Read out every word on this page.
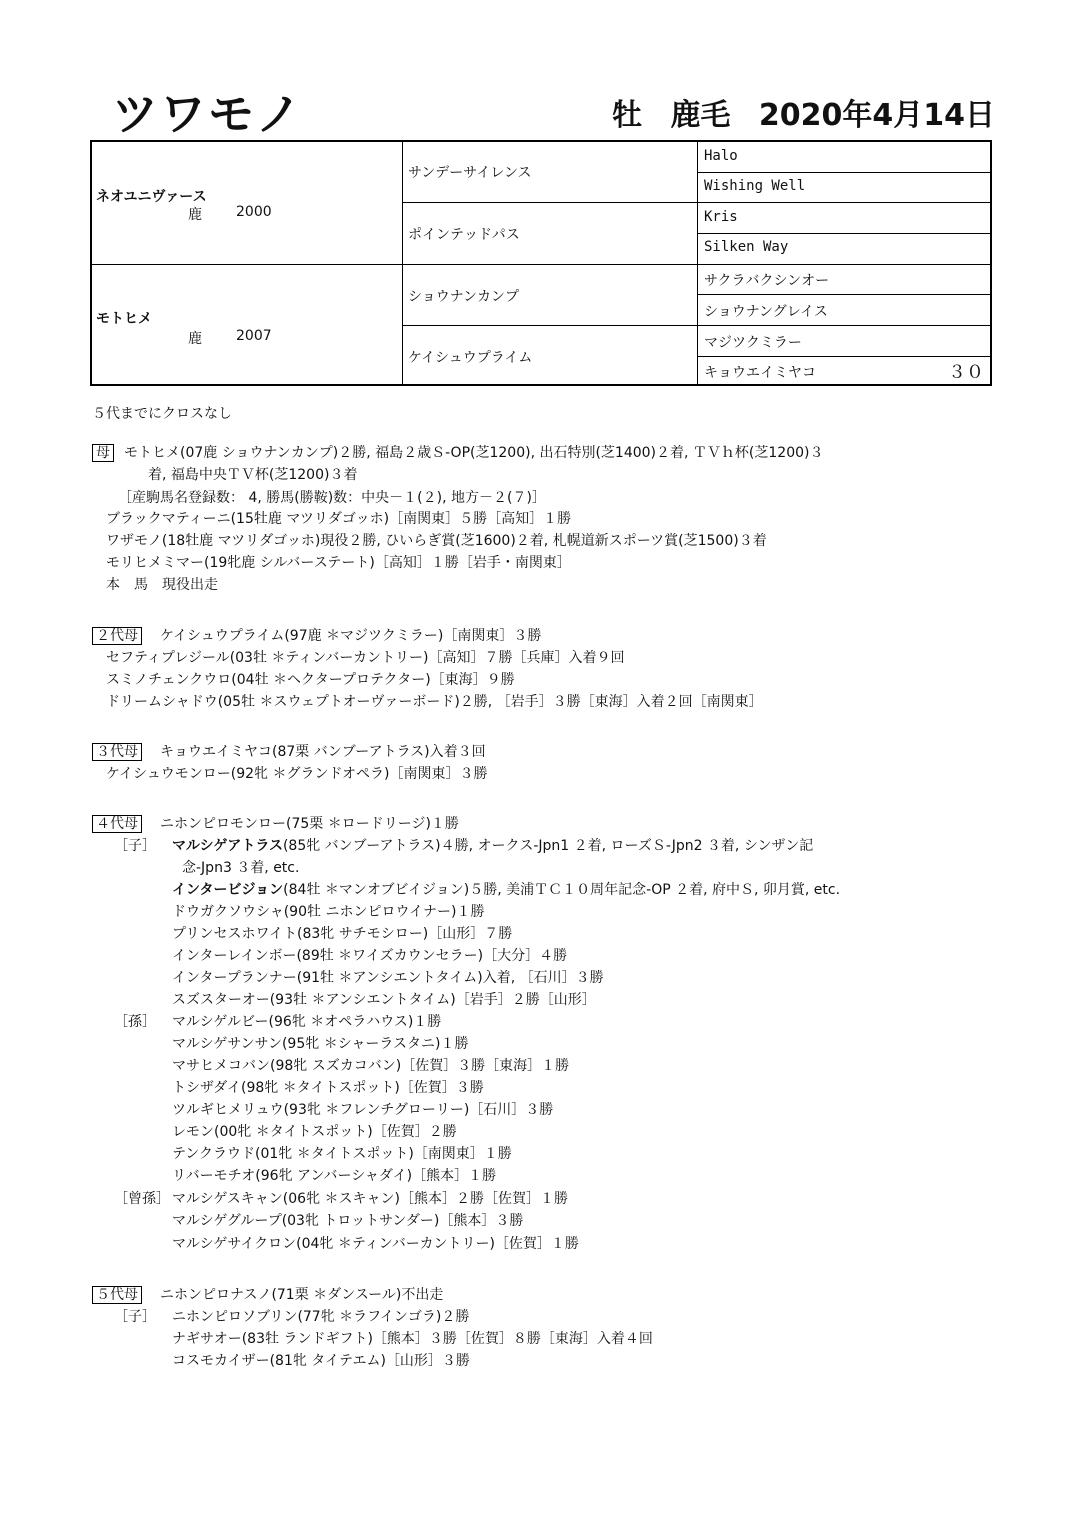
ツワモノ	牡 鹿毛 2020年4月14日
ネオユニヴァース
鹿 2000
モトヒメ
鹿 2007
サンデーサイレンス
ポインテッドパス
ショウナンカンプ
ケイシュウプライム
Halo
Wishing Well
Kris
Silken Way
サクラバクシンオー
ショウナングレイス
マジツクミラー
キョウエイミヤコ	３０
５代までにクロスなし
母 モトヒメ(07鹿 ショウナンカンプ)２勝, 福島２歳Ｓ-OP(芝1200), 出石特別(芝1400)２着, ＴＶｈ杯(芝1200)３
着, 福島中央ＴＶ杯(芝1200)３着
［産駒馬名登録数： 4, 勝馬(勝鞍)数：中央－１(２), 地方－２(７)］
ブラックマティーニ(15牡鹿 マツリダゴッホ)［南関東］５勝［高知］１勝
ワザモノ(18牡鹿 マツリダゴッホ)現役２勝, ひいらぎ賞(芝1600)２着, 札幌道新スポーツ賞(芝1500)３着
モリヒメミマー(19牝鹿 シルバーステート)［高知］１勝［岩手・南関東］
本　馬　現役出走
２代母 ケイシュウプライム(97鹿 ＊マジツクミラー)［南関東］３勝
セフティプレジール(03牡 ＊ティンバーカントリー)［高知］７勝［兵庫］入着９回
スミノチェンクウロ(04牡 ＊ヘクタープロテクター)［東海］９勝
ドリームシャドウ(05牡 ＊スウェプトオーヴァーボード)２勝, ［岩手］３勝［東海］入着２回［南関東］
３代母 キョウエイミヤコ(87栗 バンブーアトラス)入着３回
ケイシュウモンロー(92牝 ＊グランドオペラ)［南関東］３勝
４代母 ニホンピロモンロー(75栗 ＊ロードリージ)１勝
［子］ マルシゲアトラス(85牝 バンブーアトラス)４勝, オークス-Jpn1 ２着, ローズＳ-Jpn2 ３着, シンザン記
念-Jpn3 ３着, etc.
インタービジョン(84牡 ＊マンオブビイジョン)５勝, 美浦ＴＣ１０周年記念-OP ２着, 府中Ｓ, 卯月賞, etc.
ドウガクソウシャ(90牡 ニホンピロウイナー)１勝
プリンセスホワイト(83牝 サチモシロー)［山形］７勝
インターレインボー(89牡 ＊ワイズカウンセラー)［大分］４勝
インタープランナー(91牡 ＊アンシエントタイム)入着, ［石川］３勝
スズスターオー(93牡 ＊アンシエントタイム)［岩手］２勝［山形］
［孫］ マルシゲルビー(96牝 ＊オペラハウス)１勝
マルシゲサンサン(95牝 ＊シャーラスタニ)１勝
マサヒメコバン(98牝 スズカコバン)［佐賀］３勝［東海］１勝
トシザダイ(98牝 ＊タイトスポット)［佐賀］３勝
ツルギヒメリュウ(93牝 ＊フレンチグローリー)［石川］３勝
レモン(00牝 ＊タイトスポット)［佐賀］２勝
テンクラウド(01牝 ＊タイトスポット)［南関東］１勝
リバーモチオ(96牝 アンバーシャダイ)［熊本］１勝
［曾孫］ マルシゲスキャン(06牝 ＊スキャン)［熊本］２勝［佐賀］１勝
マルシゲグループ(03牝 トロットサンダー)［熊本］３勝
マルシゲサイクロン(04牝 ＊ティンバーカントリー)［佐賀］１勝
５代母 ニホンピロナスノ(71栗 ＊ダンスール)不出走
［子］ ニホンピロソブリン(77牝 ＊ラフインゴラ)２勝
ナギサオー(83牡 ランドギフト)［熊本］３勝［佐賀］８勝［東海］入着４回
コスモカイザー(81牝 タイテエム)［山形］３勝
